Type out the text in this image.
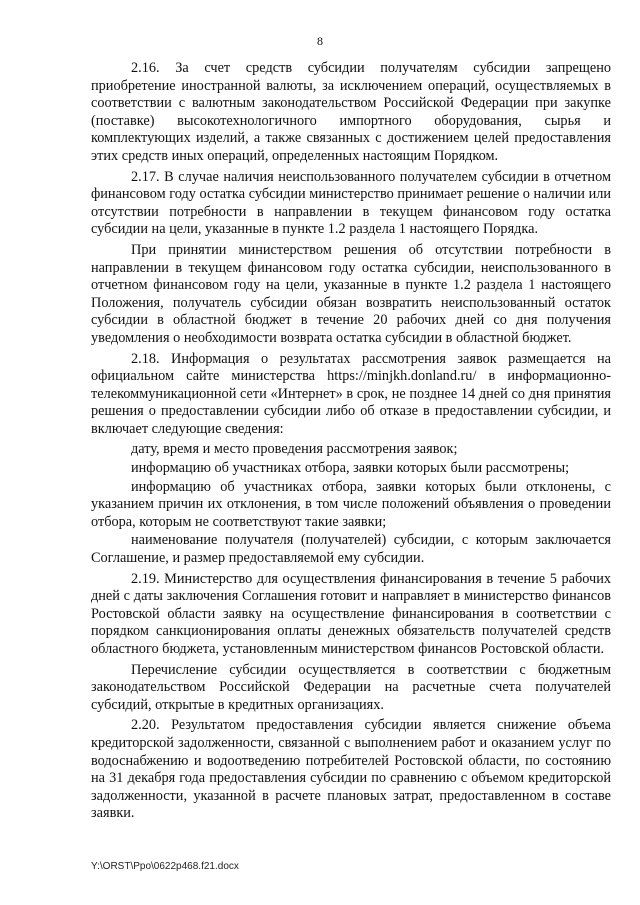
8

2.16. За счет средств субсидии получателям субсидии запрещено приобретение иностранной валюты, за исключением операций, осуществляемых в соответствии с валютным законодательством Российской Федерации при закупке (поставке) высокотехнологичного импортного оборудования, сырья и комплектующих изделий, а также связанных с достижением целей предоставления этих средств иных операций, определенных настоящим Порядком.

2.17. В случае наличия неиспользованного получателем субсидии в отчетном финансовом году остатка субсидии министерство принимает решение о наличии или отсутствии потребности в направлении в текущем финансовом году остатка субсидии на цели, указанные в пункте 1.2 раздела 1 настоящего Порядка.

При принятии министерством решения об отсутствии потребности в направлении в текущем финансовом году остатка субсидии, неиспользованного в отчетном финансовом году на цели, указанные в пункте 1.2 раздела 1 настоящего Положения, получатель субсидии обязан возвратить неиспользованный остаток субсидии в областной бюджет в течение 20 рабочих дней со дня получения уведомления о необходимости возврата остатка субсидии в областной бюджет.

2.18. Информация о результатах рассмотрения заявок размещается на официальном сайте министерства https://minjkh.donland.ru/ в информационно-телекоммуникационной сети «Интернет» в срок, не позднее 14 дней со дня принятия решения о предоставлении субсидии либо об отказе в предоставлении субсидии, и включает следующие сведения:

дату, время и место проведения рассмотрения заявок;

информацию об участниках отбора, заявки которых были рассмотрены;

информацию об участниках отбора, заявки которых были отклонены, с указанием причин их отклонения, в том числе положений объявления о проведении отбора, которым не соответствуют такие заявки;

наименование получателя (получателей) субсидии, с которым заключается Соглашение, и размер предоставляемой ему субсидии.

2.19. Министерство для осуществления финансирования в течение 5 рабочих дней с даты заключения Соглашения готовит и направляет в министерство финансов Ростовской области заявку на осуществление финансирования в соответствии с порядком санкционирования оплаты денежных обязательств получателей средств областного бюджета, установленным министерством финансов Ростовской области.

Перечисление субсидии осуществляется в соответствии с бюджетным законодательством Российской Федерации на расчетные счета получателей субсидий, открытые в кредитных организациях.

2.20. Результатом предоставления субсидии является снижение объема кредиторской задолженности, связанной с выполнением работ и оказанием услуг по водоснабжению и водоотведению потребителей Ростовской области, по состоянию на 31 декабря года предоставления субсидии по сравнению с объемом кредиторской задолженности, указанной в расчете плановых затрат, предоставленном в составе заявки.

Y:\ORST\Ppo\0622p468.f21.docx
